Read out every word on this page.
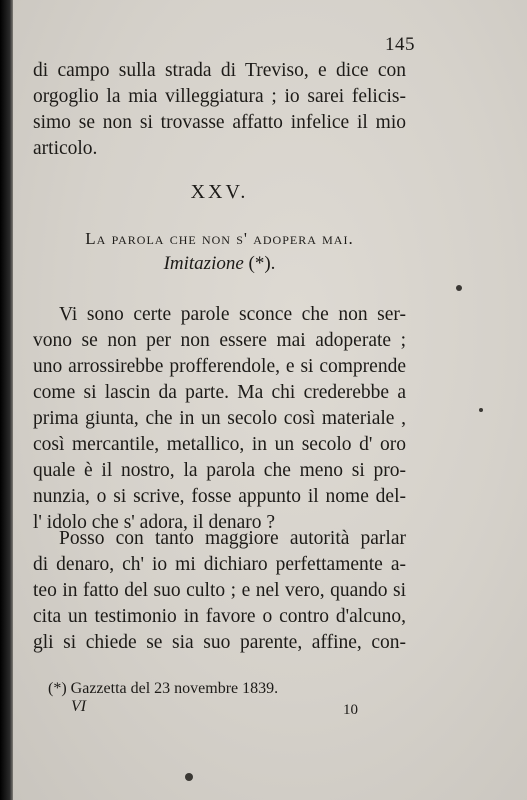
145
di campo sulla strada di Treviso, e dice con
orgoglio la mia villeggiatura ; io sarei felicis-
simo se non si trovasse affatto infelice il mio
articolo.
XXV.
La parola che non s' adopera mai.
Imitazione (*).
Vi sono certe parole sconce che non ser-
vono se non per non essere mai adoperate ;
uno arrossirebbe profferendole, e si comprende
come si lascin da parte. Ma chi crederebbe a
prima giunta, che in un secolo così materiale ,
così mercantile, metallico, in un secolo d' oro
quale è il nostro, la parola che meno si pro-
nunzia, o si scrive, fosse appunto il nome del-
l' idolo che s' adora, il denaro ?
Posso con tanto maggiore autorità parlar
di denaro, ch' io mi dichiaro perfettamente a-
teo in fatto del suo culto ; e nel vero, quando si
cita un testimonio in favore o contro d'alcuno,
gli si chiede se sia suo parente, affine, con-
(*) Gazzetta del 23 novembre 1839.
VI	10
